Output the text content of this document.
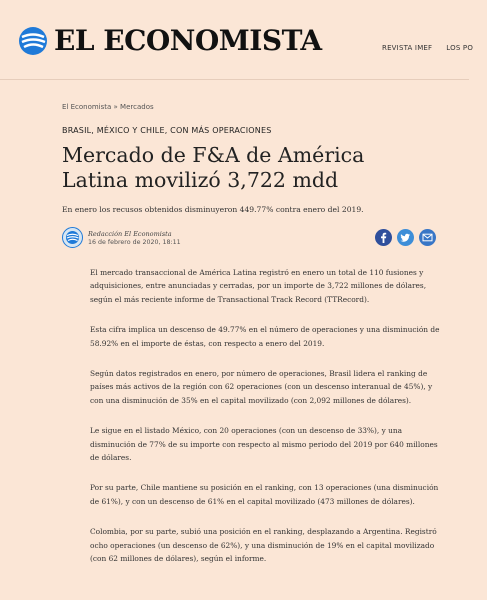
EL ECONOMISTA	REVISTA IMEF LOS PO
El Economista » Mercados
BRASIL, MÉXICO Y CHILE, CON MÁS OPERACIONES
Mercado de F&A de América Latina movilizó 3,722 mdd
En enero los recusos obtenidos disminuyeron 449.77% contra enero del 2019.
Redacción El Economista
16 de febrero de 2020, 18:11

El mercado transaccional de América Latina registró en enero un total de 110 fusiones y adquisiciones, entre anunciadas y cerradas, por un importe de 3,722 millones de dólares, según el más reciente informe de Transactional Track Record (TTRecord).

Esta cifra implica un descenso de 49.77% en el número de operaciones y una disminución de 58.92% en el importe de éstas, con respecto a enero del 2019.

Según datos registrados en enero, por número de operaciones, Brasil lidera el ranking de países más activos de la región con 62 operaciones (con un descenso interanual de 45%), y con una disminución de 35% en el capital movilizado (con 2,092 millones de dólares).

Le sigue en el listado México, con 20 operaciones (con un descenso de 33%), y una disminución de 77% de su importe con respecto al mismo periodo del 2019 por 640 millones de dólares.

Por su parte, Chile mantiene su posición en el ranking, con 13 operaciones (una disminución de 61%), y con un descenso de 61% en el capital movilizado (473 millones de dólares).

Colombia, por su parte, subió una posición en el ranking, desplazando a Argentina. Registró ocho operaciones (un descenso de 62%), y una disminución de 19% en el capital movilizado (con 62 millones de dólares), según el informe.
